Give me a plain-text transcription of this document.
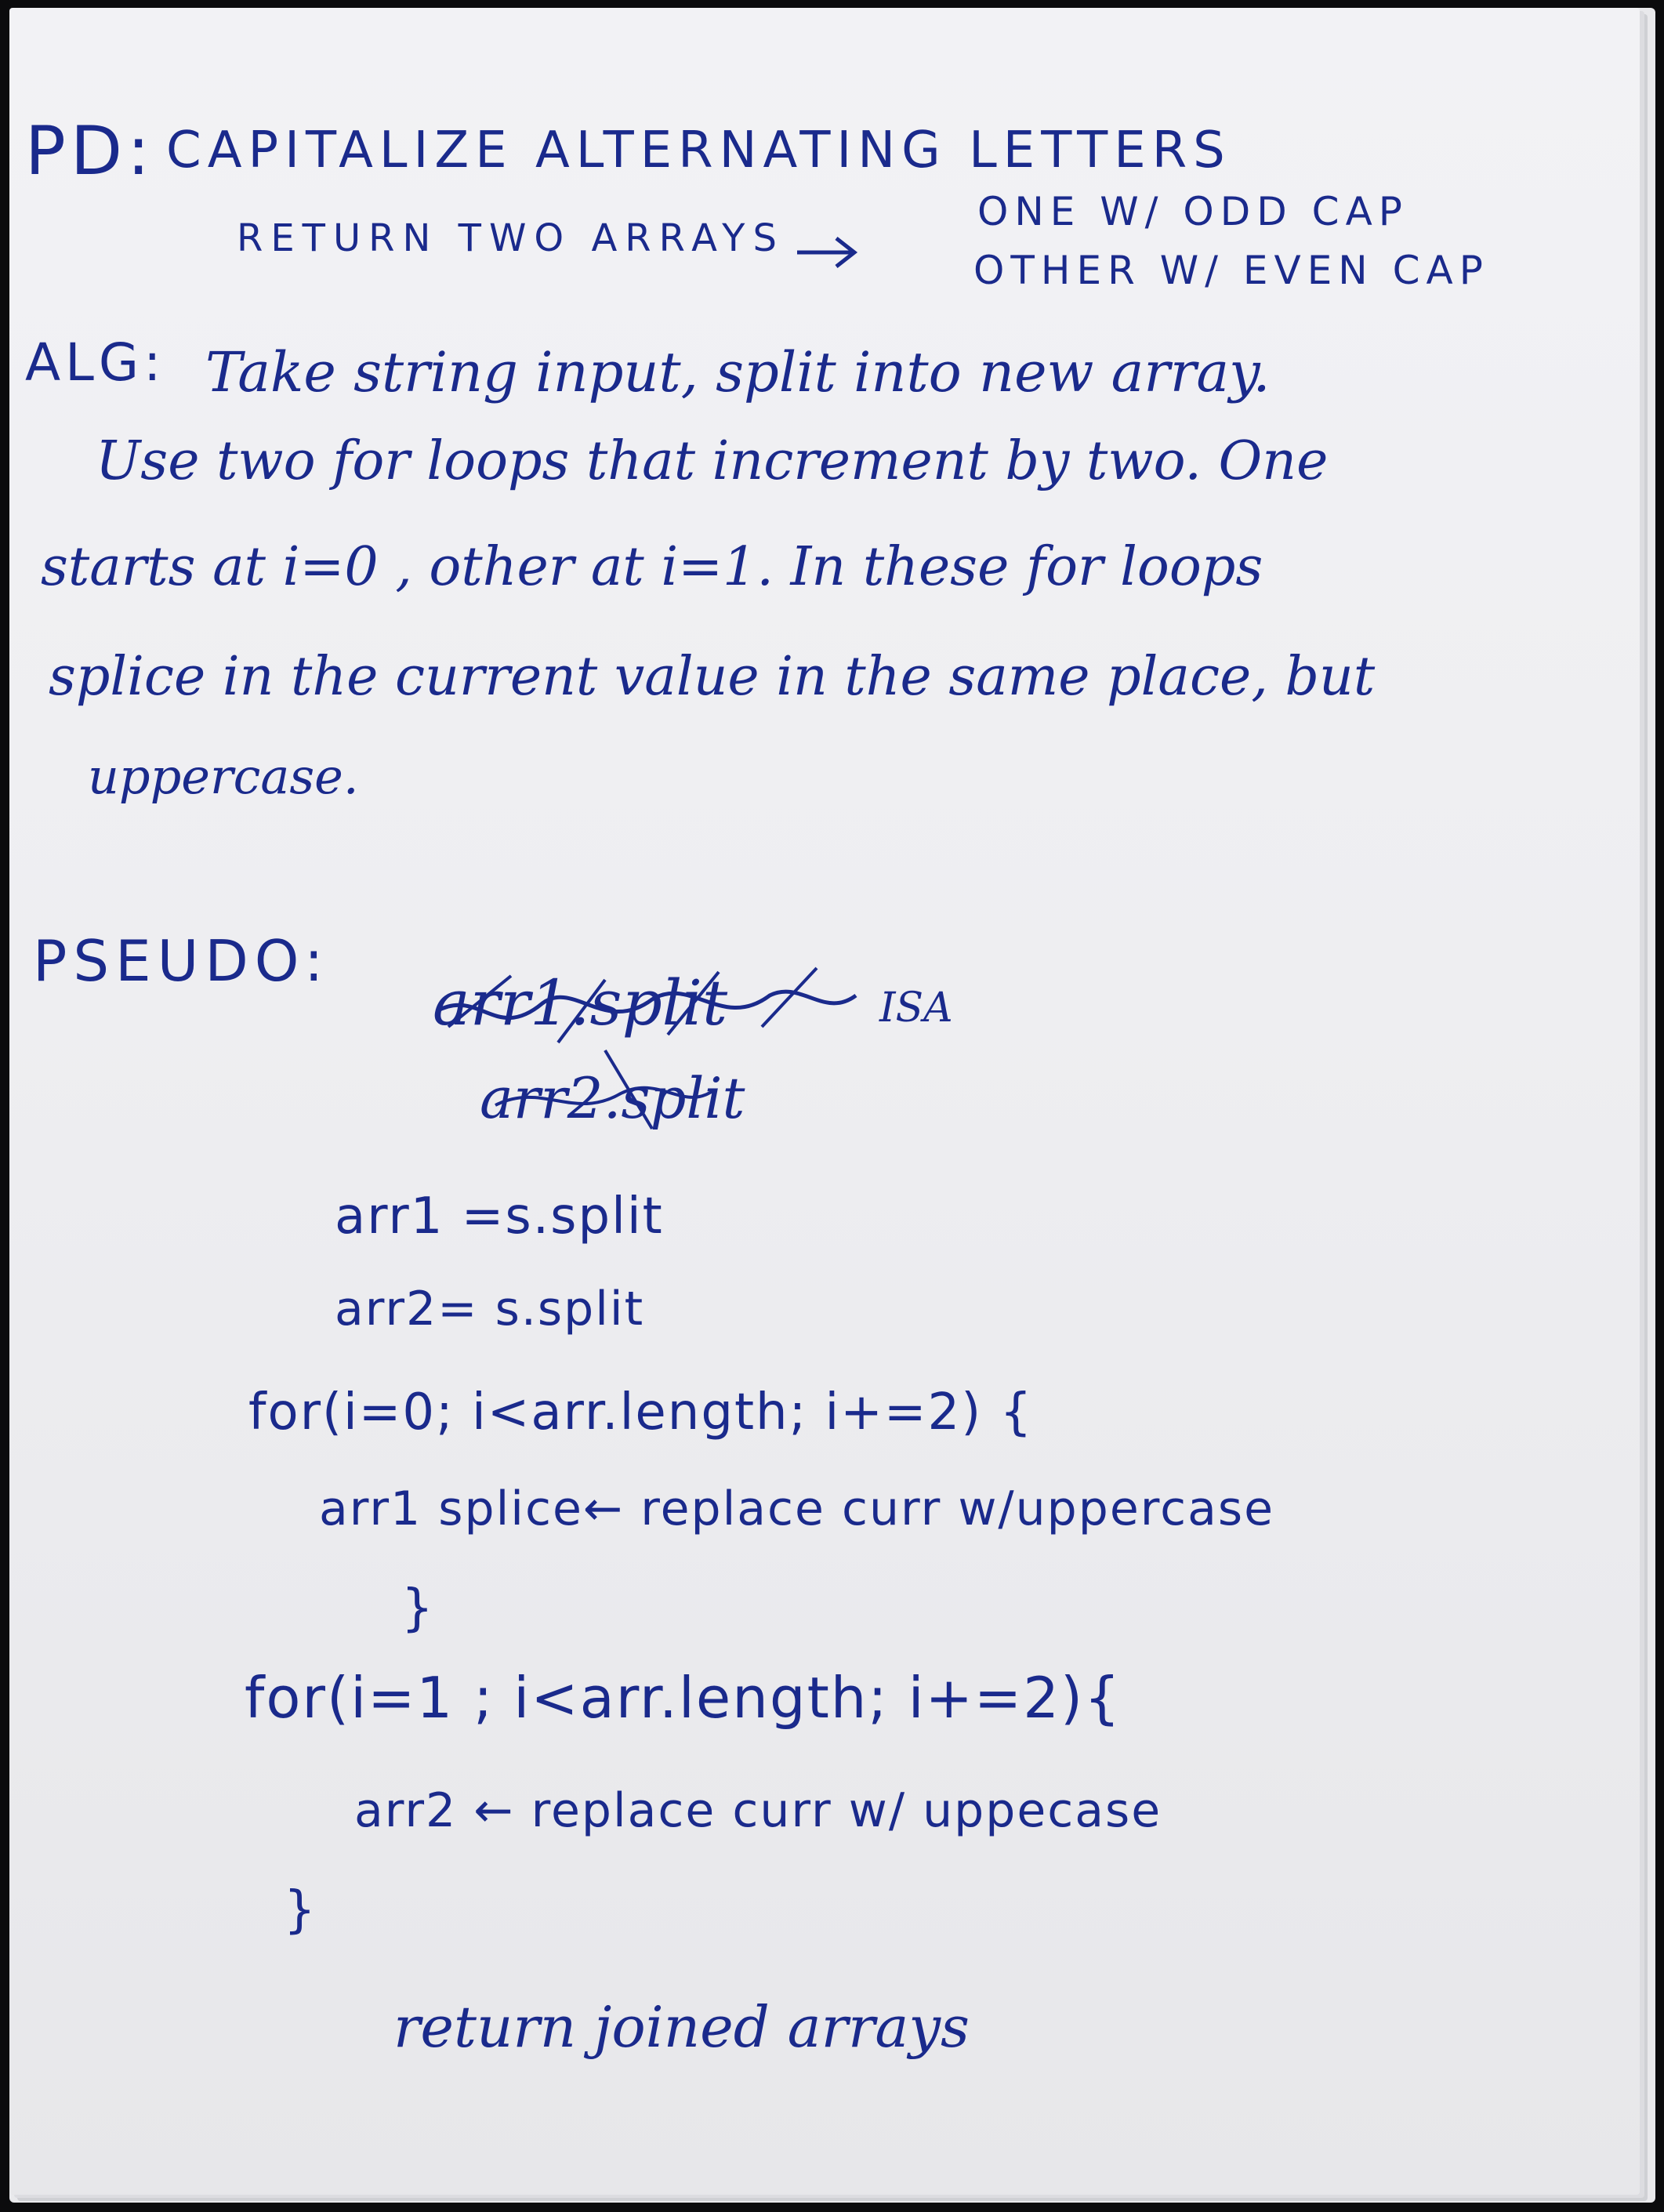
PD: CAPITALIZE ALTERNATING LETTERS
RETURN TWO ARRAYS
ONE W/ ODD CAP
OTHER W/ EVEN CAP
ALG: Take string input, split into new array.
Use two for loops that increment by two. One
starts at i=0 , other at i=1. In these for loops
splice in the current value in the same place, but
uppercase.
PSEUDO:
arr1.split	ISA
arr2.split
arr1 =s.split
arr2= s.split
for(i=0; i<arr.length; i+=2) {
arr1 splice← replace curr w/uppercase
}
for(i=1 ; i<arr.length; i+=2){
arr2 ← replace curr w/ uppecase
}
return joined arrays
